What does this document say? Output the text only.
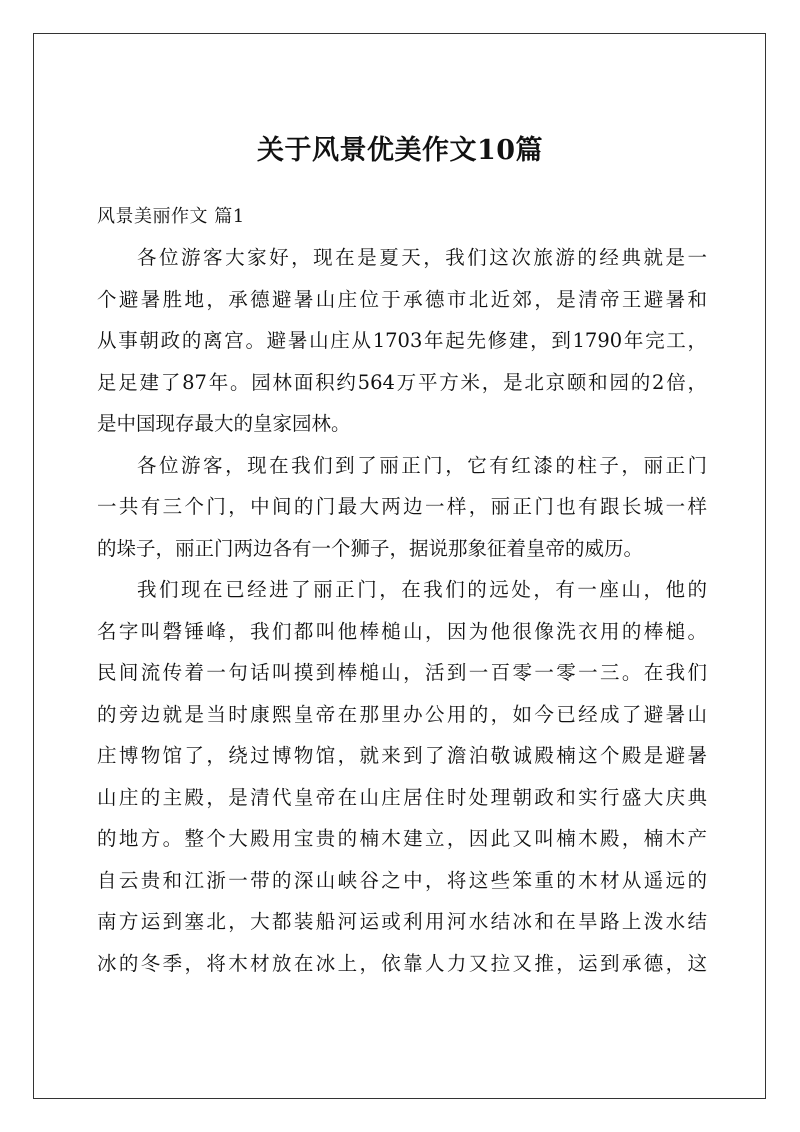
关于风景优美作文10篇
风景美丽作文 篇1
各位游客大家好，现在是夏天，我们这次旅游的经典就是一
个避暑胜地，承德避暑山庄位于承德市北近郊，是清帝王避暑和
从事朝政的离宫。避暑山庄从1703年起先修建，到1790年完工，
足足建了87年。园林面积约564万平方米，是北京颐和园的2倍，
是中国现存最大的皇家园林。
各位游客，现在我们到了丽正门，它有红漆的柱子，丽正门
一共有三个门，中间的门最大两边一样，丽正门也有跟长城一样
的垛子，丽正门两边各有一个狮子，据说那象征着皇帝的威历。
我们现在已经进了丽正门，在我们的远处，有一座山，他的
名字叫磬锤峰，我们都叫他棒槌山，因为他很像洗衣用的棒槌。
民间流传着一句话叫摸到棒槌山，活到一百零一零一三。在我们
的旁边就是当时康熙皇帝在那里办公用的，如今已经成了避暑山
庄博物馆了，绕过博物馆，就来到了澹泊敬诚殿楠这个殿是避暑
山庄的主殿，是清代皇帝在山庄居住时处理朝政和实行盛大庆典
的地方。整个大殿用宝贵的楠木建立，因此又叫楠木殿，楠木产
自云贵和江浙一带的深山峡谷之中，将这些笨重的木材从遥远的
南方运到塞北，大都装船河运或利用河水结冰和在旱路上泼水结
冰的冬季，将木材放在冰上，依靠人力又拉又推，运到承德，这
